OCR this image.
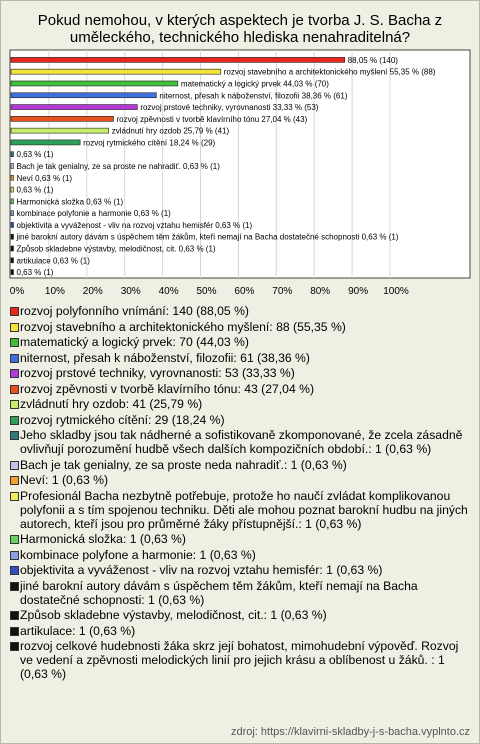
Pokud nemohou, v kterých aspektech je tvorba J. S. Bacha z
uměleckého, technického hlediska nenahraditelná?
0% 10% 20% 30% 40% 50% 60% 70% 80% 90% 100%
88,05 % (140)
rozvoj stavebního a architektonického myšlení 55,35 % (88)
matematický a logický prvek 44,03 % (70)
niternost, přesah k náboženství, filozofii 38,36 % (61)
rozvoj prstové techniky, vyrovnanosti 33,33 % (53)
rozvoj zpěvnosti v tvorbě klavírního tónu 27,04 % (43)
zvládnutí hry ozdob 25,79 % (41)
rozvoj rytmického cítění 18,24 % (29)
0,63 % (1)
Bach je tak genialny, ze sa proste ne nahradiť. 0,63 % (1)
Neví 0,63 % (1)
0,63 % (1)
Harmonická složka 0,63 % (1)
kombinace polyfonie a harmonie 0,63 % (1)
objektivita a vyváženost - vliv na rozvoj vztahu hemisfér 0,63 % (1)
jiné barokní autory dávám s úspěchem těm žákům, kteří nemají na Bacha dostatečné schopnosti 0,63 % (1)
Způsob skladebne výstavby, melodičnost, cit. 0,63 % (1)
artikulace 0,63 % (1)
0,63 % (1)
rozvoj polyfonního vnímání: 140 (88,05 %)
rozvoj stavebního a architektonického myšlení: 88 (55,35 %)
matematický a logický prvek: 70 (44,03 %)
niternost, přesah k náboženství, filozofii: 61 (38,36 %)
rozvoj prstové techniky, vyrovnanosti: 53 (33,33 %)
rozvoj zpěvnosti v tvorbě klavírního tónu: 43 (27,04 %)
zvládnutí hry ozdob: 41 (25,79 %)
rozvoj rytmického cítění: 29 (18,24 %)
Jeho skladby jsou tak nádherné a sofistikovaně zkomponované, že zcela zásadně ovlivňují porozumění hudbě všech dalších kompozičních období.: 1 (0,63 %)
Bach je tak genialny, ze sa proste neda nahradiť.: 1 (0,63 %)
Neví: 1 (0,63 %)
Profesionál Bacha nezbytně potřebuje, protože ho naučí zvládat komplikovanou polyfonii a s tím spojenou techniku. Děti ale mohou poznat barokní hudbu na jiných autorech, kteří jsou pro průměrné žáky přístupnější.: 1 (0,63 %)
Harmonická složka: 1 (0,63 %)
kombinace polyfone a harmonie: 1 (0,63 %)
objektivita a vyváženost - vliv na rozvoj vztahu hemisfér: 1 (0,63 %)
jiné barokní autory dávám s úspěchem těm žákům, kteří nemají na Bacha dostatečné schopnosti: 1 (0,63 %)
Způsob skladebne výstavby, melodičnost, cit.: 1 (0,63 %)
artikulace: 1 (0,63 %)
rozvoj celkové hudebnosti žáka skrz její bohatost, mimohudební výpověď. Rozvoj ve vedení a zpěvnosti melodických linií pro jejich krásu a oblíbenost u žáků. : 1 (0,63 %)
zdroj: https://klavirni-skladby-j-s-bacha.vyplnto.cz
